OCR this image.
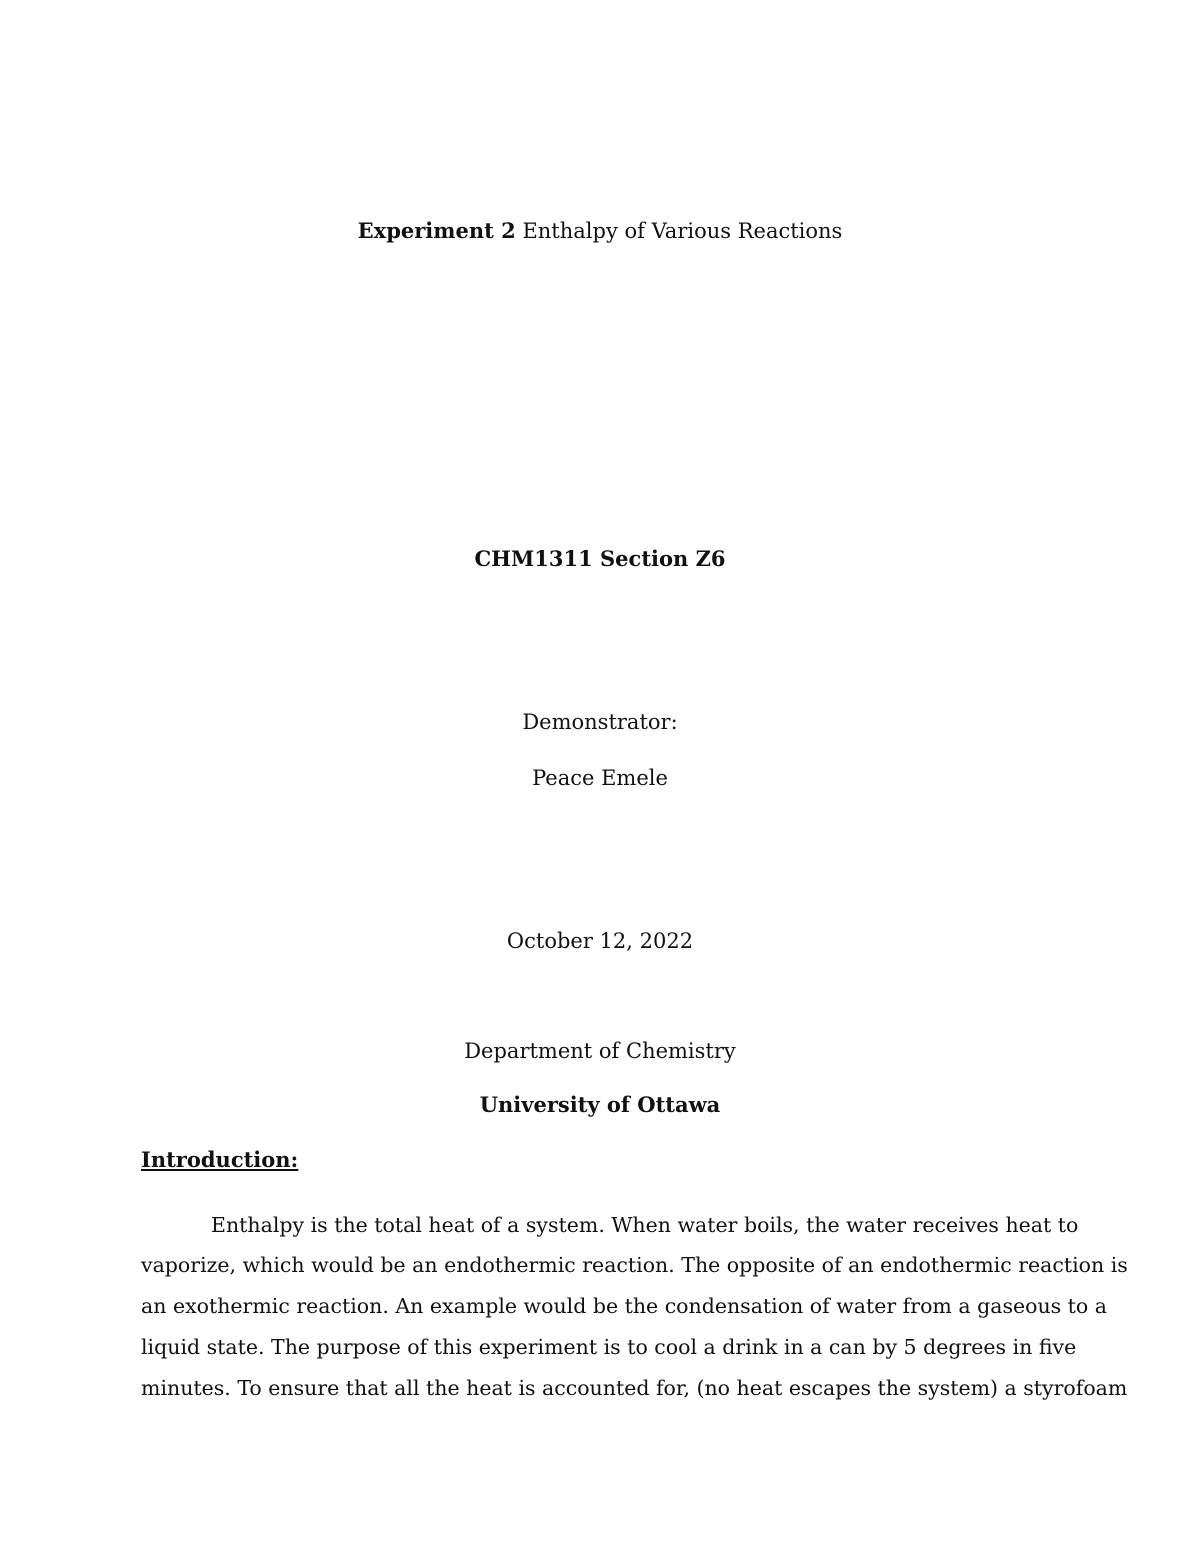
Experiment 2 Enthalpy of Various Reactions
CHM1311 Section Z6
Demonstrator:
Peace Emele
October 12, 2022
Department of Chemistry
University of Ottawa
Introduction:
Enthalpy is the total heat of a system. When water boils, the water receives heat to
vaporize, which would be an endothermic reaction. The opposite of an endothermic reaction is
an exothermic reaction. An example would be the condensation of water from a gaseous to a
liquid state. The purpose of this experiment is to cool a drink in a can by 5 degrees in five
minutes. To ensure that all the heat is accounted for, (no heat escapes the system) a styrofoam
